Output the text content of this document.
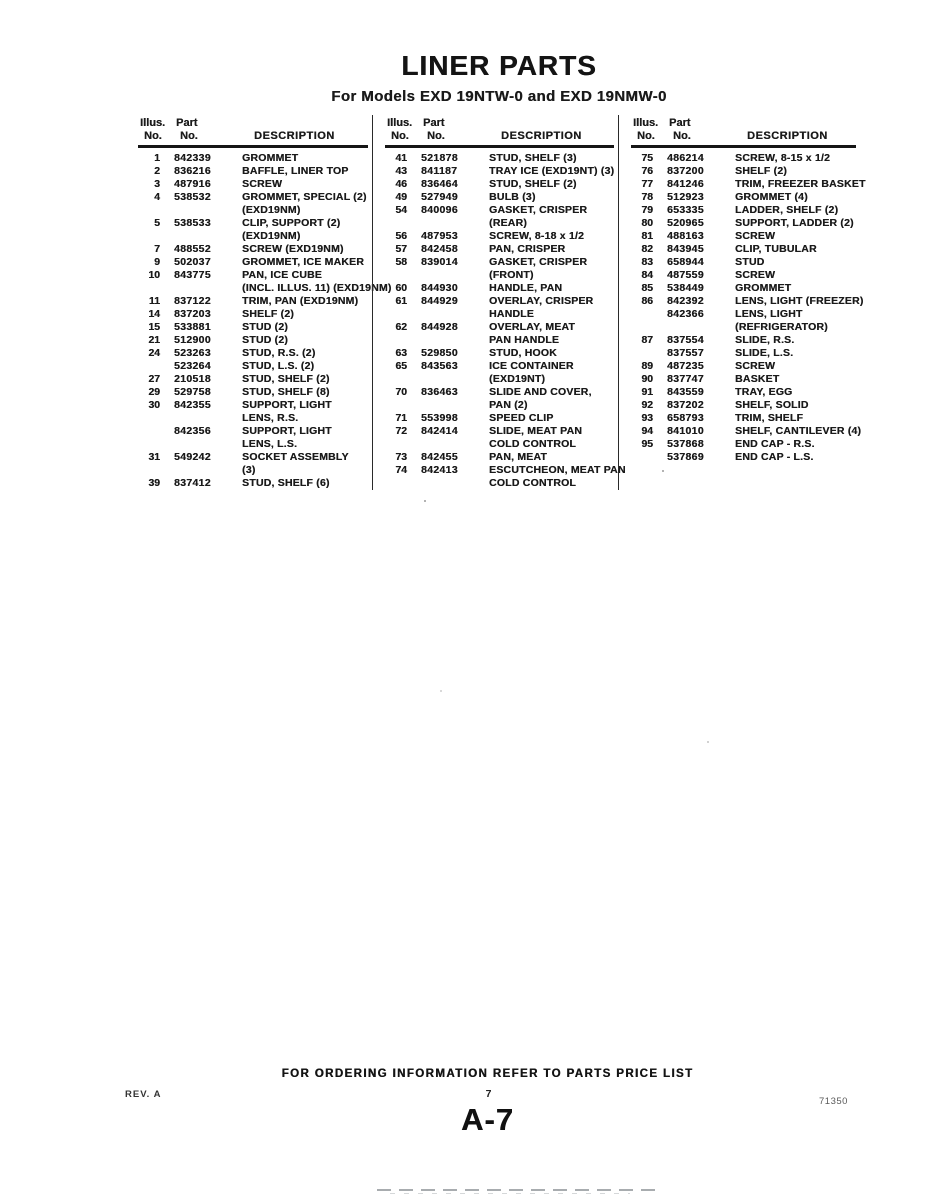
LINER PARTS
For Models EXD 19NTW-0 and EXD 19NMW-0
Illus. Part
No.	No.	DESCRIPTION
1 842339	GROMMET
2 836216	BAFFLE, LINER TOP
3 487916	SCREW
4 538532	GROMMET, SPECIAL (2)
(EXD19NM)
5 538533	CLIP, SUPPORT (2)
(EXD19NM)
7 488552	SCREW (EXD19NM)
9 502037	GROMMET, ICE MAKER
10 843775	PAN, ICE CUBE
(INCL. ILLUS. 11) (EXD19NM)
11 837122	TRIM, PAN (EXD19NM)
14 837203	SHELF (2)
15 533881	STUD (2)
21 512900	STUD (2)
24 523263	STUD, R.S. (2)
523264	STUD, L.S. (2)
27 210518	STUD, SHELF (2)
29 529758	STUD, SHELF (8)
30 842355	SUPPORT, LIGHT
LENS, R.S.
842356	SUPPORT, LIGHT
LENS, L.S.
31 549242	SOCKET ASSEMBLY
(3)
39 837412	STUD, SHELF (6)
Illus. Part
No.	No.	DESCRIPTION
41 521878	STUD, SHELF (3)
43 841187	TRAY ICE (EXD19NT) (3)
46 836464	STUD, SHELF (2)
49 527949	BULB (3)
54 840096	GASKET, CRISPER
(REAR)
56 487953	SCREW, 8-18 x 1/2
57 842458	PAN, CRISPER
58 839014	GASKET, CRISPER
(FRONT)
60 844930	HANDLE, PAN
61 844929	OVERLAY, CRISPER
HANDLE
62 844928	OVERLAY, MEAT
PAN HANDLE
63 529850	STUD, HOOK
65 843563	ICE CONTAINER
(EXD19NT)
70 836463	SLIDE AND COVER,
PAN (2)
71 553998	SPEED CLIP
72 842414	SLIDE, MEAT PAN
COLD CONTROL
73 842455	PAN, MEAT
74 842413	ESCUTCHEON, MEAT PAN
COLD CONTROL
Illus. Part
No.	No.	DESCRIPTION
75 486214	SCREW, 8-15 x 1/2
76 837200	SHELF (2)
77 841246	TRIM, FREEZER BASKET
78 512923	GROMMET (4)
79 653335	LADDER, SHELF (2)
80 520965	SUPPORT, LADDER (2)
81 488163	SCREW
82 843945	CLIP, TUBULAR
83 658944	STUD
84 487559	SCREW
85 538449	GROMMET
86 842392	LENS, LIGHT (FREEZER)
842366	LENS, LIGHT
(REFRIGERATOR)
87 837554	SLIDE, R.S.
837557	SLIDE, L.S.
89 487235	SCREW
90 837747	BASKET
91 843559	TRAY, EGG
92 837202	SHELF, SOLID
93 658793	TRIM, SHELF
94 841010	SHELF, CANTILEVER (4)
95 537868	END CAP - R.S.
537869	END CAP - L.S.
FOR ORDERING INFORMATION REFER TO PARTS PRICE LIST
REV. A	7
71350
A-7
